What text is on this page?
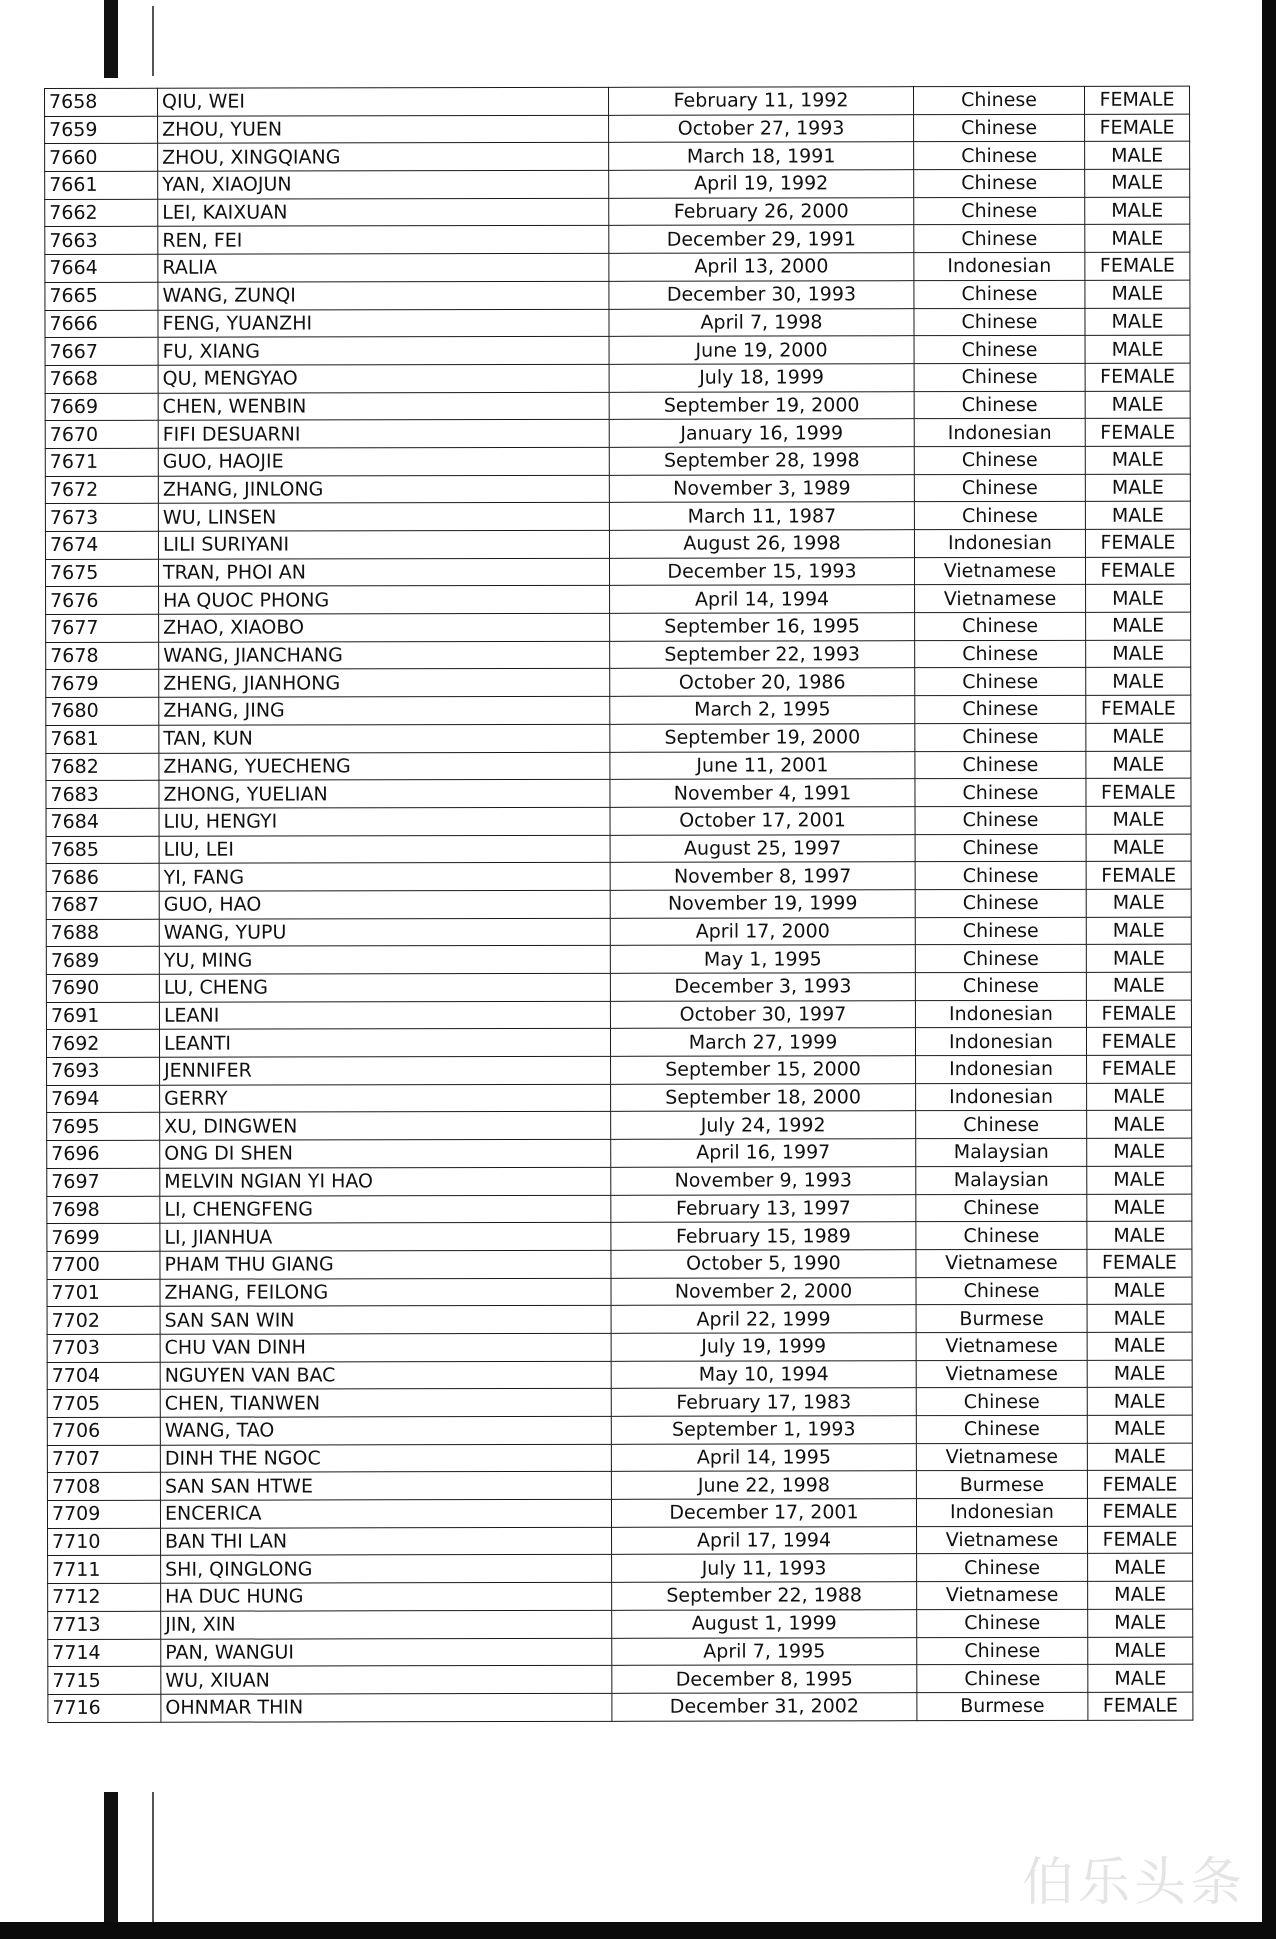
7658	QIU, WEI	February 11, 1992	Chinese	FEMALE
7659	ZHOU, YUEN	October 27, 1993	Chinese	FEMALE
7660	ZHOU, XINGQIANG	March 18, 1991	Chinese	MALE
7661	YAN, XIAOJUN	April 19, 1992	Chinese	MALE
7662	LEI, KAIXUAN	February 26, 2000	Chinese	MALE
7663	REN, FEI	December 29, 1991	Chinese	MALE
7664	RALIA	April 13, 2000	Indonesian	FEMALE
7665	WANG, ZUNQI	December 30, 1993	Chinese	MALE
7666	FENG, YUANZHI	April 7, 1998	Chinese	MALE
7667	FU, XIANG	June 19, 2000	Chinese	MALE
7668	QU, MENGYAO	July 18, 1999	Chinese	FEMALE
7669	CHEN, WENBIN	September 19, 2000	Chinese	MALE
7670	FIFI DESUARNI	January 16, 1999	Indonesian	FEMALE
7671	GUO, HAOJIE	September 28, 1998	Chinese	MALE
7672	ZHANG, JINLONG	November 3, 1989	Chinese	MALE
7673	WU, LINSEN	March 11, 1987	Chinese	MALE
7674	LILI SURIYANI	August 26, 1998	Indonesian	FEMALE
7675	TRAN, PHOI AN	December 15, 1993	Vietnamese	FEMALE
7676	HA QUOC PHONG	April 14, 1994	Vietnamese	MALE
7677	ZHAO, XIAOBO	September 16, 1995	Chinese	MALE
7678	WANG, JIANCHANG	September 22, 1993	Chinese	MALE
7679	ZHENG, JIANHONG	October 20, 1986	Chinese	MALE
7680	ZHANG, JING	March 2, 1995	Chinese	FEMALE
7681	TAN, KUN	September 19, 2000	Chinese	MALE
7682	ZHANG, YUECHENG	June 11, 2001	Chinese	MALE
7683	ZHONG, YUELIAN	November 4, 1991	Chinese	FEMALE
7684	LIU, HENGYI	October 17, 2001	Chinese	MALE
7685	LIU, LEI	August 25, 1997	Chinese	MALE
7686	YI, FANG	November 8, 1997	Chinese	FEMALE
7687	GUO, HAO	November 19, 1999	Chinese	MALE
7688	WANG, YUPU	April 17, 2000	Chinese	MALE
7689	YU, MING	May 1, 1995	Chinese	MALE
7690	LU, CHENG	December 3, 1993	Chinese	MALE
7691	LEANI	October 30, 1997	Indonesian	FEMALE
7692	LEANTI	March 27, 1999	Indonesian	FEMALE
7693	JENNIFER	September 15, 2000	Indonesian	FEMALE
7694	GERRY	September 18, 2000	Indonesian	MALE
7695	XU, DINGWEN	July 24, 1992	Chinese	MALE
7696	ONG DI SHEN	April 16, 1997	Malaysian	MALE
7697	MELVIN NGIAN YI HAO	November 9, 1993	Malaysian	MALE
7698	LI, CHENGFENG	February 13, 1997	Chinese	MALE
7699	LI, JIANHUA	February 15, 1989	Chinese	MALE
7700	PHAM THU GIANG	October 5, 1990	Vietnamese	FEMALE
7701	ZHANG, FEILONG	November 2, 2000	Chinese	MALE
7702	SAN SAN WIN	April 22, 1999	Burmese	MALE
7703	CHU VAN DINH	July 19, 1999	Vietnamese	MALE
7704	NGUYEN VAN BAC	May 10, 1994	Vietnamese	MALE
7705	CHEN, TIANWEN	February 17, 1983	Chinese	MALE
7706	WANG, TAO	September 1, 1993	Chinese	MALE
7707	DINH THE NGOC	April 14, 1995	Vietnamese	MALE
7708	SAN SAN HTWE	June 22, 1998	Burmese	FEMALE
7709	ENCERICA	December 17, 2001	Indonesian	FEMALE
7710	BAN THI LAN	April 17, 1994	Vietnamese	FEMALE
7711	SHI, QINGLONG	July 11, 1993	Chinese	MALE
7712	HA DUC HUNG	September 22, 1988	Vietnamese	MALE
7713	JIN, XIN	August 1, 1999	Chinese	MALE
7714	PAN, WANGUI	April 7, 1995	Chinese	MALE
7715	WU, XIUAN	December 8, 1995	Chinese	MALE
7716	OHNMAR THIN	December 31, 2002	Burmese	FEMALE
伯乐头条
